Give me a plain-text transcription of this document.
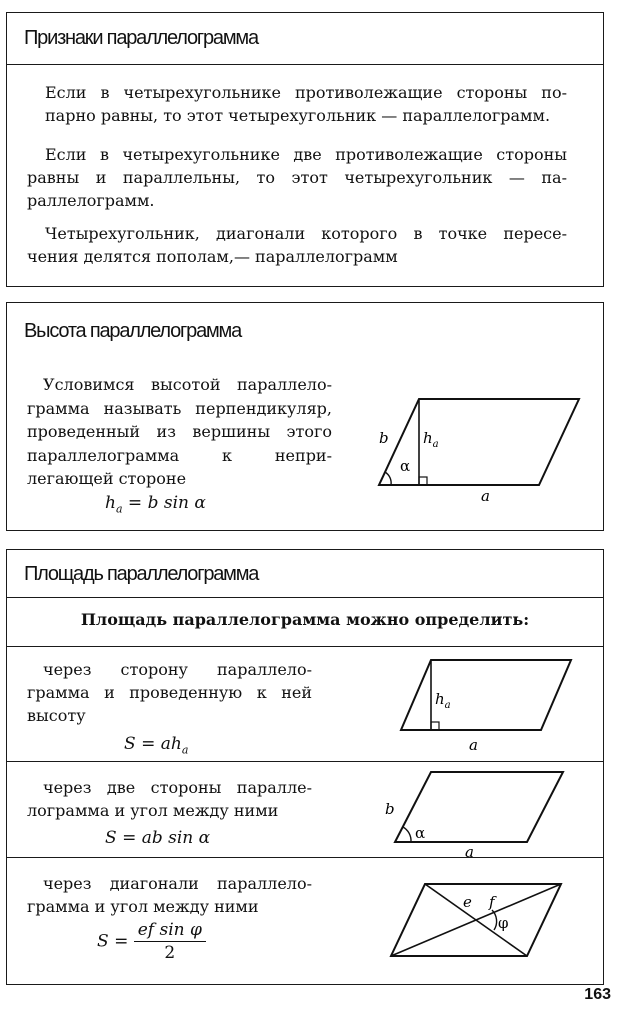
Признаки параллелограмма
Если в четырехугольнике противолежащие стороны по-
парно равны, то этот четырехугольник — параллелограмм.
Если в четырехугольнике две противолежащие стороны
равны и параллельны, то этот четырехугольник — па-
раллелограмм.
Четырехугольник, диагонали которого в точке пересе-
чения делятся пополам,— параллелограмм
Высота параллелограмма
Условимся высотой параллело-
грамма называть перпендикуляр,
проведенный из вершины этого
параллелограмма к непри-
легающей стороне
$h_a = b$ sin α
b $h_a$
α
a
Площадь параллелограмма
Площадь параллелограмма можно определить:
через сторону параллело-
грамма и проведенную к ней
высоту
$S = ah_a$
$h_a$
a
через две стороны паралле-
лограмма и угол между ними
S = ab sin α
b
α
a
через диагонали параллело-
грамма и угол между ними
$S = \frac{\text{ef sin φ}}{2}$
e f
φ
163
